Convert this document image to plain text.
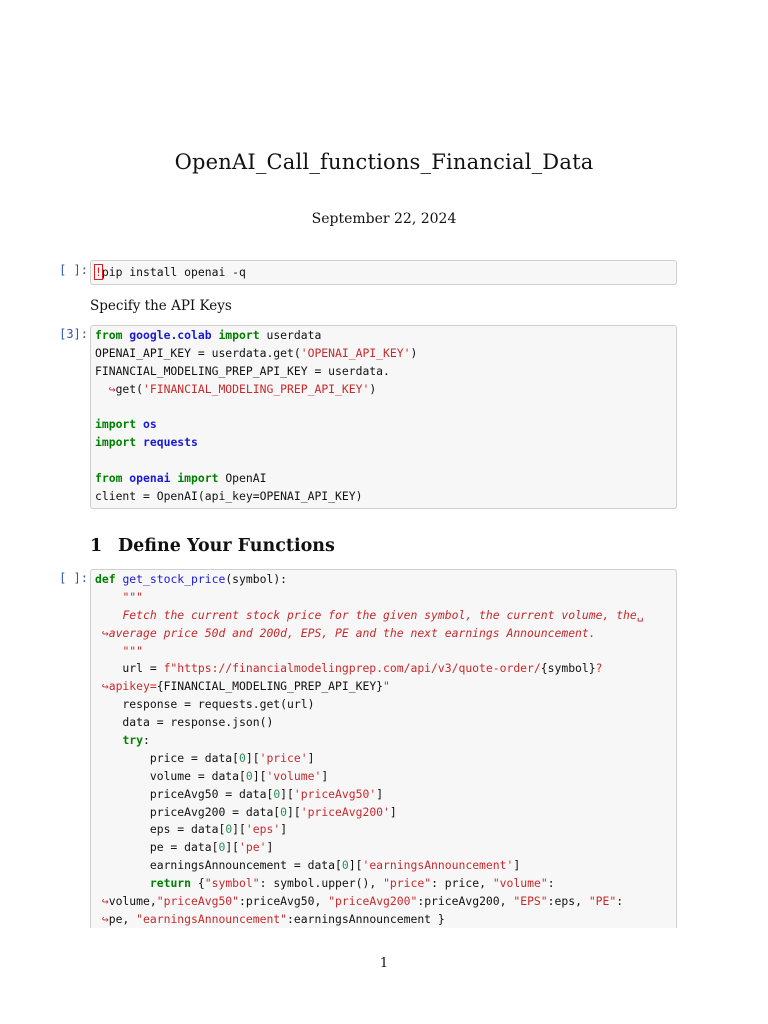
OpenAI_Call_functions_Financial_Data
September 22, 2024
[ ]: !pip install openai -q
Specify the API Keys
[3]: from google.colab import userdata
OPENAI_API_KEY = userdata.get('OPENAI_API_KEY')
FINANCIAL_MODELING_PREP_API_KEY = userdata.
↪get('FINANCIAL_MODELING_PREP_API_KEY')
import os
import requests
from openai import OpenAI
client = OpenAI(api_key=OPENAI_API_KEY)
1 Define Your Functions
[ ]: def get_stock_price(symbol):
"""
Fetch the current stock price for the given symbol, the current volume, the␣
↪average price 50d and 200d, EPS, PE and the next earnings Announcement.
"""
url = f"https://financialmodelingprep.com/api/v3/quote-order/{symbol}?
↪apikey={FINANCIAL_MODELING_PREP_API_KEY}"
response = requests.get(url)
data = response.json()
try:
price = data[0]['price']
volume = data[0]['volume']
priceAvg50 = data[0]['priceAvg50']
priceAvg200 = data[0]['priceAvg200']
eps = data[0]['eps']
pe = data[0]['pe']
earningsAnnouncement = data[0]['earningsAnnouncement']
return {"symbol": symbol.upper(), "price": price, "volume":
↪volume,"priceAvg50":priceAvg50, "priceAvg200":priceAvg200, "EPS":eps, "PE":
↪pe, "earningsAnnouncement":earningsAnnouncement }
1
